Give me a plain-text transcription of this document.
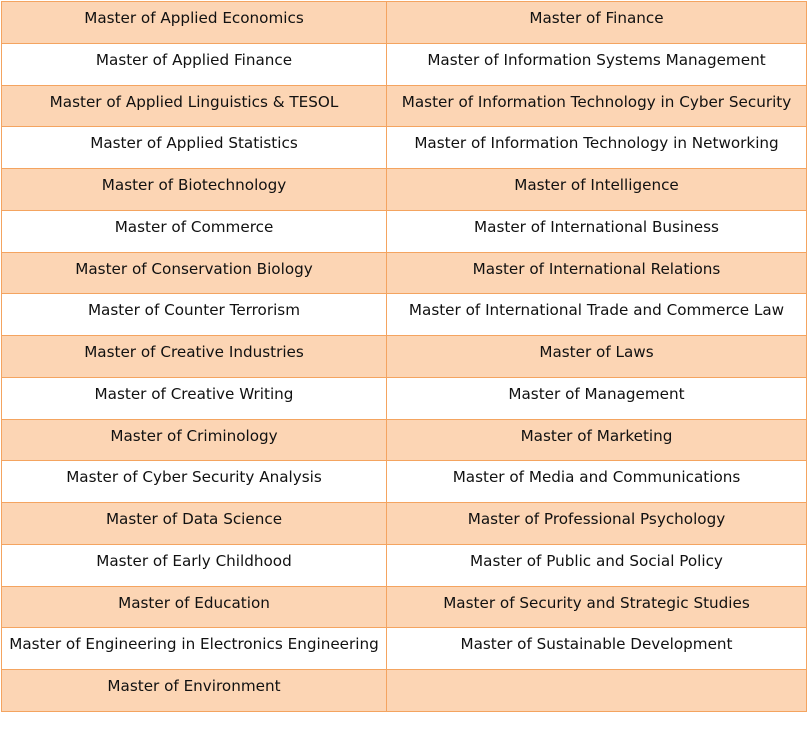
Master of Applied Economics	Master of Finance
Master of Applied Finance	Master of Information Systems Management
Master of Applied Linguistics & TESOL	Master of Information Technology in Cyber Security
Master of Applied Statistics	Master of Information Technology in Networking
Master of Biotechnology	Master of Intelligence
Master of Commerce	Master of International Business
Master of Conservation Biology	Master of International Relations
Master of Counter Terrorism	Master of International Trade and Commerce Law
Master of Creative Industries	Master of Laws
Master of Creative Writing	Master of Management
Master of Criminology	Master of Marketing
Master of Cyber Security Analysis	Master of Media and Communications
Master of Data Science	Master of Professional Psychology
Master of Early Childhood	Master of Public and Social Policy
Master of Education	Master of Security and Strategic Studies
Master of Engineering in Electronics Engineering	Master of Sustainable Development
Master of Environment	
